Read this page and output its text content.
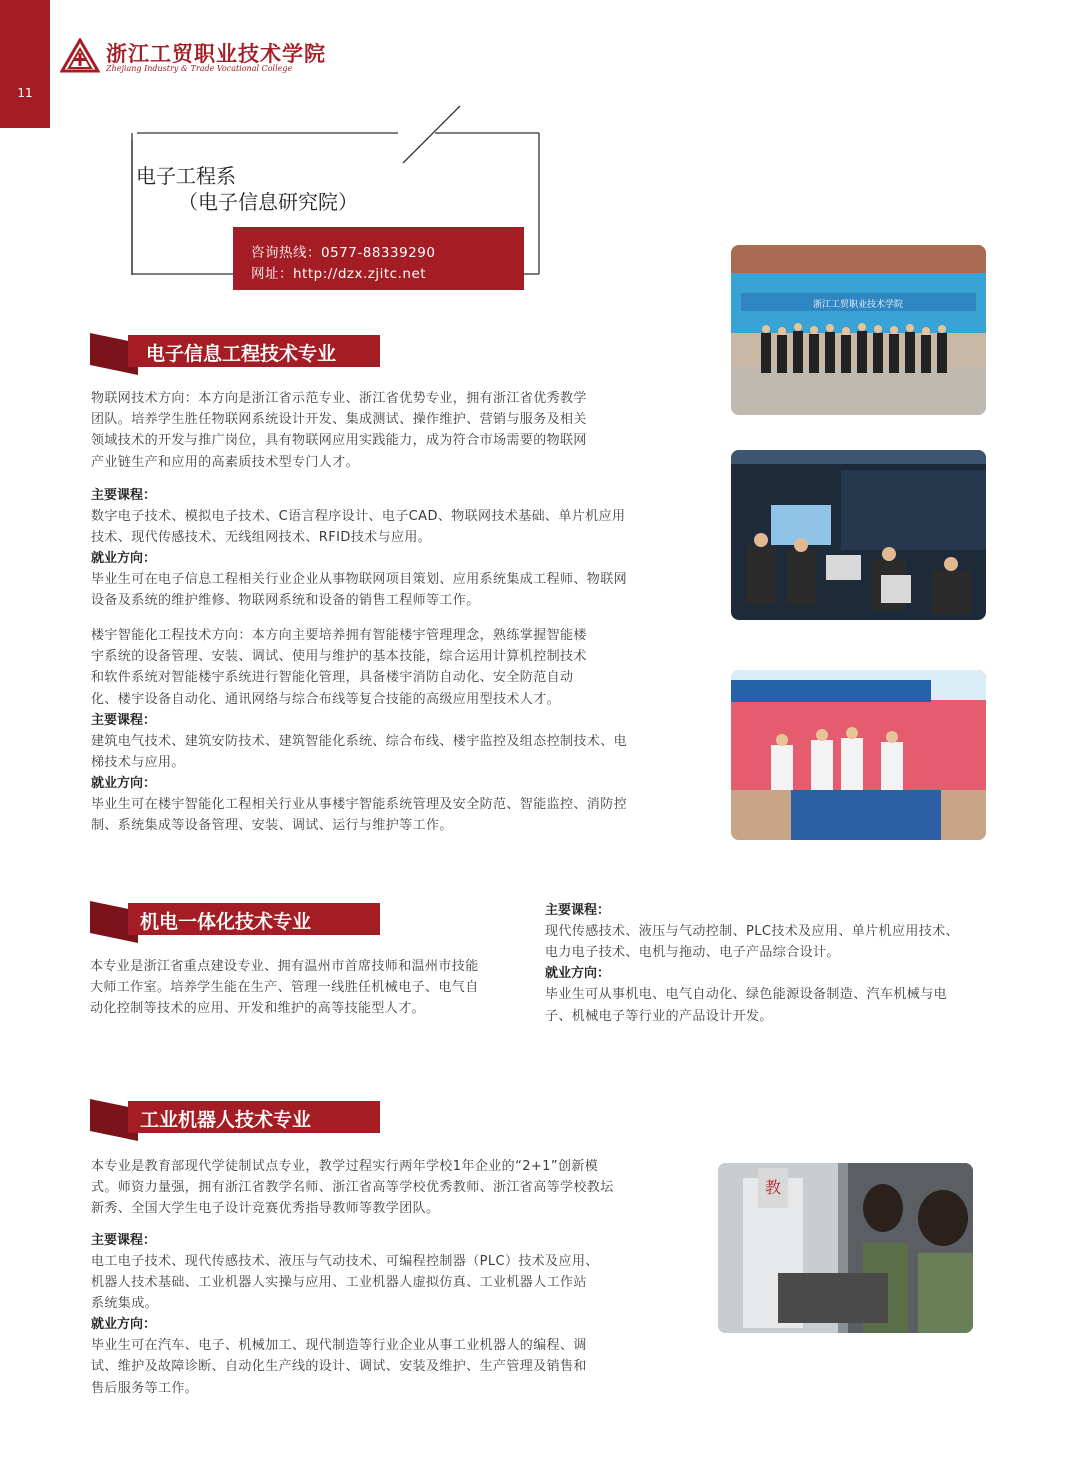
11
浙江工贸职业技术学院
Zhejiang Industry & Trade Vocational College
电子工程系
（电子信息研究院）
咨询热线：0577-88339290
网址：http://dzx.zjitc.net
电子信息工程技术专业
物联网技术方向：本方向是浙江省示范专业、浙江省优势专业，拥有浙江省优秀教学
团队。培养学生胜任物联网系统设计开发、集成测试、操作维护、营销与服务及相关
领域技术的开发与推广岗位，具有物联网应用实践能力，成为符合市场需要的物联网
产业链生产和应用的高素质技术型专门人才。
主要课程：
数字电子技术、模拟电子技术、C语言程序设计、电子CAD、物联网技术基础、单片机应用
技术、现代传感技术、无线组网技术、RFID技术与应用。
就业方向：
毕业生可在电子信息工程相关行业企业从事物联网项目策划、应用系统集成工程师、物联网
设备及系统的维护维修、物联网系统和设备的销售工程师等工作。
楼宇智能化工程技术方向：本方向主要培养拥有智能楼宇管理理念，熟练掌握智能楼
宇系统的设备管理、安装、调试、使用与维护的基本技能，综合运用计算机控制技术
和软件系统对智能楼宇系统进行智能化管理，具备楼宇消防自动化、安全防范自动
化、楼宇设备自动化、通讯网络与综合布线等复合技能的高级应用型技术人才。
主要课程：
建筑电气技术、建筑安防技术、建筑智能化系统、综合布线、楼宇监控及组态控制技术、电
梯技术与应用。
就业方向：
毕业生可在楼宇智能化工程相关行业从事楼宇智能系统管理及安全防范、智能监控、消防控
制、系统集成等设备管理、安装、调试、运行与维护等工作。
浙江工贸职业技术学院
机电一体化技术专业
本专业是浙江省重点建设专业、拥有温州市首席技师和温州市技能
大师工作室。培养学生能在生产、管理一线胜任机械电子、电气自
动化控制等技术的应用、开发和维护的高等技能型人才。
主要课程：
现代传感技术、液压与气动控制、PLC技术及应用、单片机应用技术、
电力电子技术、电机与拖动、电子产品综合设计。
就业方向：
毕业生可从事机电、电气自动化、绿色能源设备制造、汽车机械与电
子、机械电子等行业的产品设计开发。
工业机器人技术专业
本专业是教育部现代学徒制试点专业，教学过程实行两年学校1年企业的“2+1”创新模
式。师资力量强，拥有浙江省教学名师、浙江省高等学校优秀教师、浙江省高等学校教坛
新秀、全国大学生电子设计竞赛优秀指导教师等教学团队。
主要课程：
电工电子技术、现代传感技术、液压与气动技术、可编程控制器（PLC）技术及应用、
机器人技术基础、工业机器人实操与应用、工业机器人虚拟仿真、工业机器人工作站
系统集成。
就业方向：
毕业生可在汽车、电子、机械加工、现代制造等行业企业从事工业机器人的编程、调
试、维护及故障诊断、自动化生产线的设计、调试、安装及维护、生产管理及销售和
售后服务等工作。
教
